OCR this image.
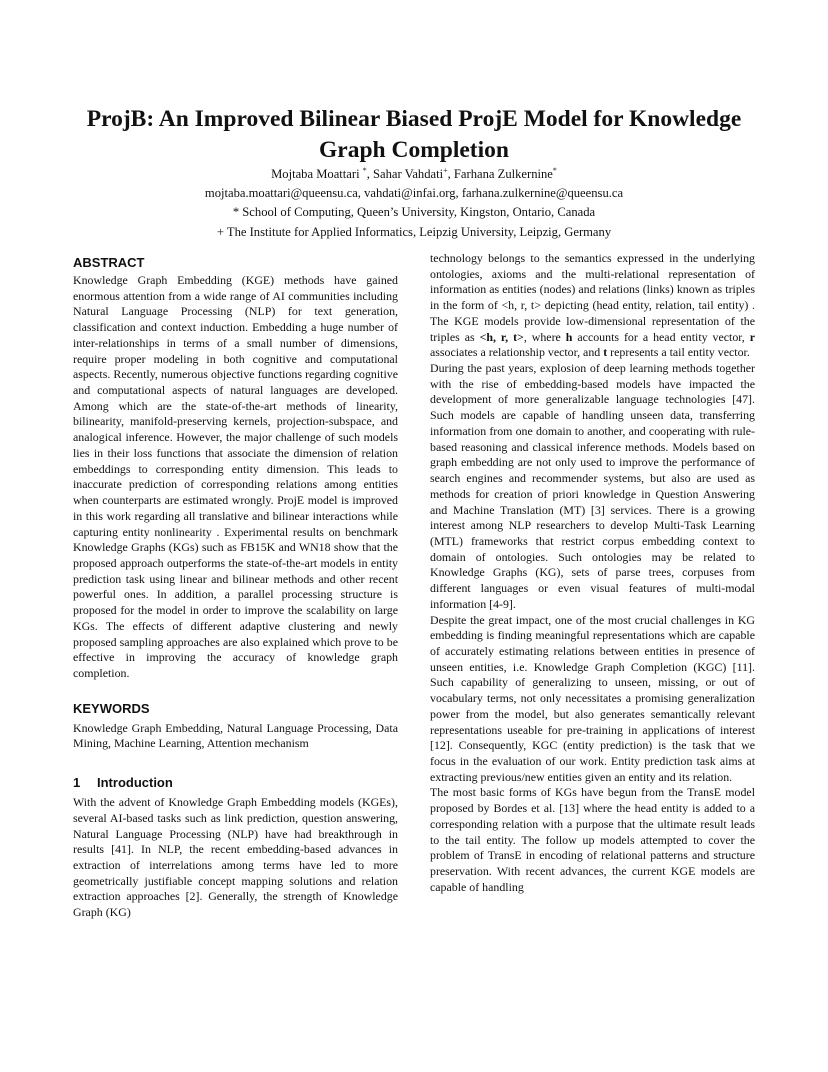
ProjB: An Improved Bilinear Biased ProjE Model for Knowledge Graph Completion
Mojtaba Moattari *, Sahar Vahdati+, Farhana Zulkernine*
mojtaba.moattari@queensu.ca, vahdati@infai.org, farhana.zulkernine@queensu.ca
* School of Computing, Queen’s University, Kingston, Ontario, Canada
+ The Institute for Applied Informatics, Leipzig University, Leipzig, Germany
ABSTRACT

Knowledge Graph Embedding (KGE) methods have gained enormous attention from a wide range of AI communities including Natural Language Processing (NLP) for text generation, classification and context induction. Embedding a huge number of inter-relationships in terms of a small number of dimensions, require proper modeling in both cognitive and computational aspects. Recently, numerous objective functions regarding cognitive and computational aspects of natural languages are developed. Among which are the state-of-the-art methods of linearity, bilinearity, manifold-preserving kernels, projection-subspace, and analogical inference. However, the major challenge of such models lies in their loss functions that associate the dimension of relation embeddings to corresponding entity dimension. This leads to inaccurate prediction of corresponding relations among entities when counterparts are estimated wrongly. ProjE model is improved in this work regarding all translative and bilinear interactions while capturing entity nonlinearity . Experimental results on benchmark Knowledge Graphs (KGs) such as FB15K and WN18 show that the proposed approach outperforms the state-of-the-art models in entity prediction task using linear and bilinear methods and other recent powerful ones. In addition, a parallel processing structure is proposed for the model in order to improve the scalability on large KGs. The effects of different adaptive clustering and newly proposed sampling approaches are also explained which prove to be effective in improving the accuracy of knowledge graph completion.

KEYWORDS

Knowledge Graph Embedding, Natural Language Processing, Data Mining, Machine Learning, Attention mechanism

1 Introduction

With the advent of Knowledge Graph Embedding models (KGEs), several AI-based tasks such as link prediction, question answering, Natural Language Processing (NLP) have had breakthrough in results [41]. In NLP, the recent embedding-based advances in extraction of interrelations among terms have led to more geometrically justifiable concept mapping solutions and relation extraction approaches [2]. Generally, the strength of Knowledge Graph (KG)

technology belongs to the semantics expressed in the underlying ontologies, axioms and the multi-relational representation of information as entities (nodes) and relations (links) known as triples in the form of <h, r, t> depicting (head entity, relation, tail entity) . The KGE models provide low-dimensional representation of the triples as <h, r, t>, where h accounts for a head entity vector, r associates a relationship vector, and t represents a tail entity vector.

During the past years, explosion of deep learning methods together with the rise of embedding-based models have impacted the development of more generalizable language technologies [47]. Such models are capable of handling unseen data, transferring information from one domain to another, and cooperating with rule-based reasoning and classical inference methods. Models based on graph embedding are not only used to improve the performance of search engines and recommender systems, but also are used as methods for creation of priori knowledge in Question Answering and Machine Translation (MT) [3] services. There is a growing interest among NLP researchers to develop Multi-Task Learning (MTL) frameworks that restrict corpus embedding context to domain of ontologies. Such ontologies may be related to Knowledge Graphs (KG), sets of parse trees, corpuses from different languages or even visual features of multi-modal information [4-9].

Despite the great impact, one of the most crucial challenges in KG embedding is finding meaningful representations which are capable of accurately estimating relations between entities in presence of unseen entities, i.e. Knowledge Graph Completion (KGC) [11]. Such capability of generalizing to unseen, missing, or out of vocabulary terms, not only necessitates a promising generalization power from the model, but also generates semantically relevant representations useable for pre-training in applications of interest [12]. Consequently, KGC (entity prediction) is the task that we focus in the evaluation of our work. Entity prediction task aims at extracting previous/new entities given an entity and its relation.

The most basic forms of KGs have begun from the TransE model proposed by Bordes et al. [13] where the head entity is added to a corresponding relation with a purpose that the ultimate result leads to the tail entity. The follow up models attempted to cover the problem of TransE in encoding of relational patterns and structure preservation. With recent advances, the current KGE models are capable of handling
